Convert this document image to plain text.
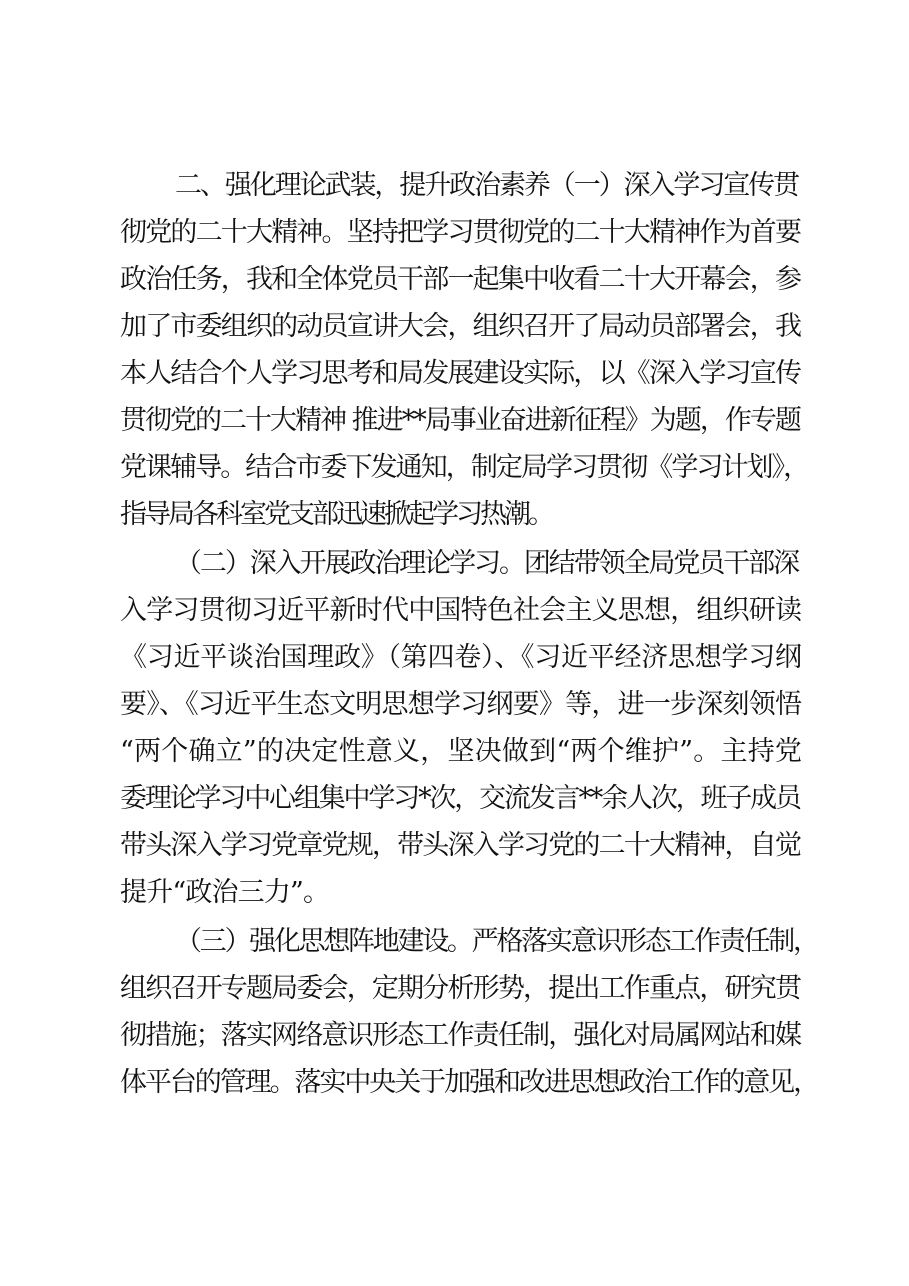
二、强化理论武装，提升政治素养（一）深入学习宣传贯
彻党的二十大精神。坚持把学习贯彻党的二十大精神作为首要
政治任务，我和全体党员干部一起集中收看二十大开幕会，参
加了市委组织的动员宣讲大会，组织召开了局动员部署会，我
本人结合个人学习思考和局发展建设实际，以《深入学习宣传
贯彻党的二十大精神 推进**局事业奋进新征程》为题，作专题
党课辅导。结合市委下发通知，制定局学习贯彻《学习计划》，
指导局各科室党支部迅速掀起学习热潮。
（二）深入开展政治理论学习。团结带领全局党员干部深
入学习贯彻习近平新时代中国特色社会主义思想，组织研读
《习近平谈治国理政》（第四卷）、《习近平经济思想学习纲
要》、《习近平生态文明思想学习纲要》等，进一步深刻领悟
“两个确立”的决定性意义，坚决做到“两个维护”。主持党
委理论学习中心组集中学习*次，交流发言**余人次，班子成员
带头深入学习党章党规，带头深入学习党的二十大精神，自觉
提升“政治三力”。
（三）强化思想阵地建设。严格落实意识形态工作责任制，
组织召开专题局委会，定期分析形势，提出工作重点，研究贯
彻措施；落实网络意识形态工作责任制，强化对局属网站和媒
体平台的管理。落实中央关于加强和改进思想政治工作的意见，
